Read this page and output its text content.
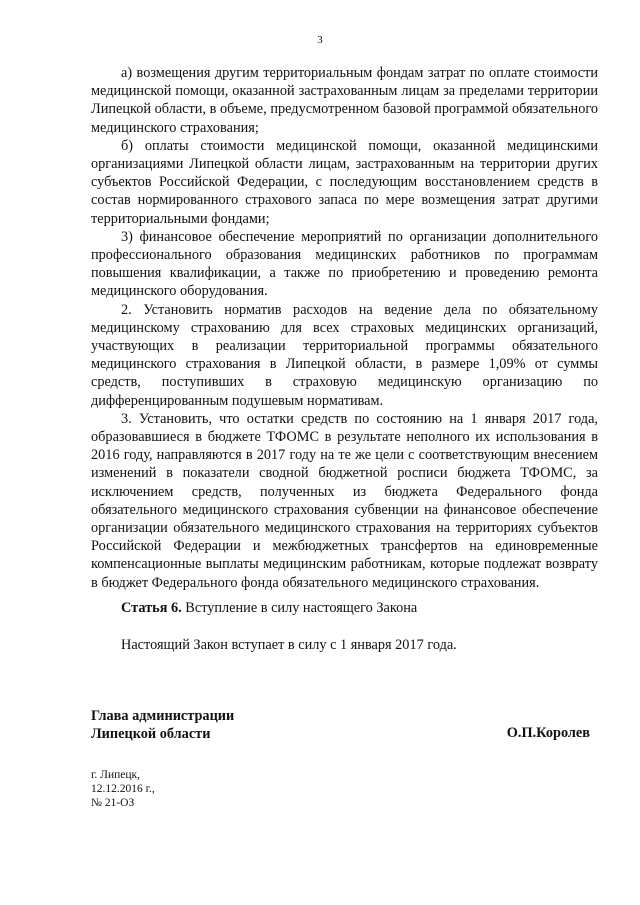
3

а) возмещения другим территориальным фондам затрат по оплате стоимости медицинской помощи, оказанной застрахованным лицам за пределами территории Липецкой области, в объеме, предусмотренном базовой программой обязательного медицинского страхования;

б) оплаты стоимости медицинской помощи, оказанной медицинскими организациями Липецкой области лицам, застрахованным на территории других субъектов Российской Федерации, с последующим восстановлением средств в состав нормированного страхового запаса по мере возмещения затрат другими территориальными фондами;

3) финансовое обеспечение мероприятий по организации дополнительного профессионального образования медицинских работников по программам повышения квалификации, а также по приобретению и проведению ремонта медицинского оборудования.

2. Установить норматив расходов на ведение дела по обязательному медицинскому страхованию для всех страховых медицинских организаций, участвующих в реализации территориальной программы обязательного медицинского страхования в Липецкой области, в размере 1,09% от суммы средств, поступивших в страховую медицинскую организацию по дифференцированным подушевым нормативам.

3. Установить, что остатки средств по состоянию на 1 января 2017 года, образовавшиеся в бюджете ТФОМС в результате неполного их использования в 2016 году, направляются в 2017 году на те же цели с соответствующим внесением изменений в показатели сводной бюджетной росписи бюджета ТФОМС, за исключением средств, полученных из бюджета Федерального фонда обязательного медицинского страхования субвенции на финансовое обеспечение организации обязательного медицинского страхования на территориях субъектов Российской Федерации и межбюджетных трансфертов на единовременные компенсационные выплаты медицинским работникам, которые подлежат возврату в бюджет Федерального фонда обязательного медицинского страхования.

Статья 6. Вступление в силу настоящего Закона
Настоящий Закон вступает в силу с 1 января 2017 года.
Глава администрации
Липецкой области	О.П.Королев
г. Липецк,
12.12.2016 г.,
№ 21-ОЗ
